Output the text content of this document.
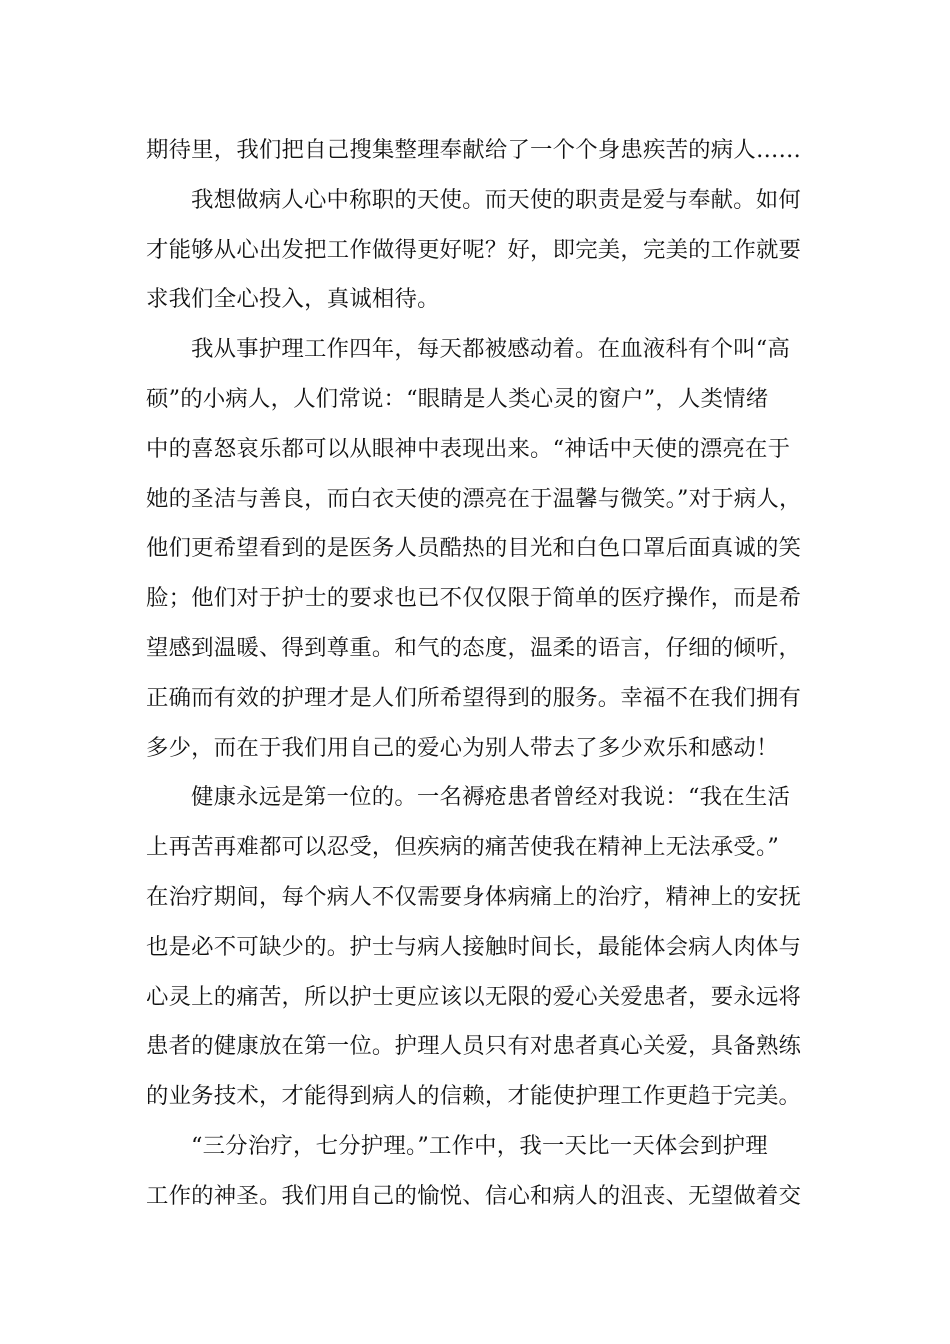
期待里，我们把自己搜集整理奉献给了一个个身患疾苦的病人……
我想做病人心中称职的天使。而天使的职责是爱与奉献。如何
才能够从心出发把工作做得更好呢？好，即完美，完美的工作就要
求我们全心投入，真诚相待。
我从事护理工作四年，每天都被感动着。在血液科有个叫“高
硕”的小病人，人们常说：“眼睛是人类心灵的窗户”，人类情绪
中的喜怒哀乐都可以从眼神中表现出来。“神话中天使的漂亮在于
她的圣洁与善良，而白衣天使的漂亮在于温馨与微笑。”对于病人，
他们更希望看到的是医务人员酷热的目光和白色口罩后面真诚的笑
脸；他们对于护士的要求也已不仅仅限于简单的医疗操作，而是希
望感到温暖、得到尊重。和气的态度，温柔的语言，仔细的倾听，
正确而有效的护理才是人们所希望得到的服务。幸福不在我们拥有
多少，而在于我们用自己的爱心为别人带去了多少欢乐和感动！
健康永远是第一位的。一名褥疮患者曾经对我说：“我在生活
上再苦再难都可以忍受，但疾病的痛苦使我在精神上无法承受。”
在治疗期间，每个病人不仅需要身体病痛上的治疗，精神上的安抚
也是必不可缺少的。护士与病人接触时间长，最能体会病人肉体与
心灵上的痛苦，所以护士更应该以无限的爱心关爱患者，要永远将
患者的健康放在第一位。护理人员只有对患者真心关爱，具备熟练
的业务技术，才能得到病人的信赖，才能使护理工作更趋于完美。
“三分治疗，七分护理。”工作中，我一天比一天体会到护理
工作的神圣。我们用自己的愉悦、信心和病人的沮丧、无望做着交
